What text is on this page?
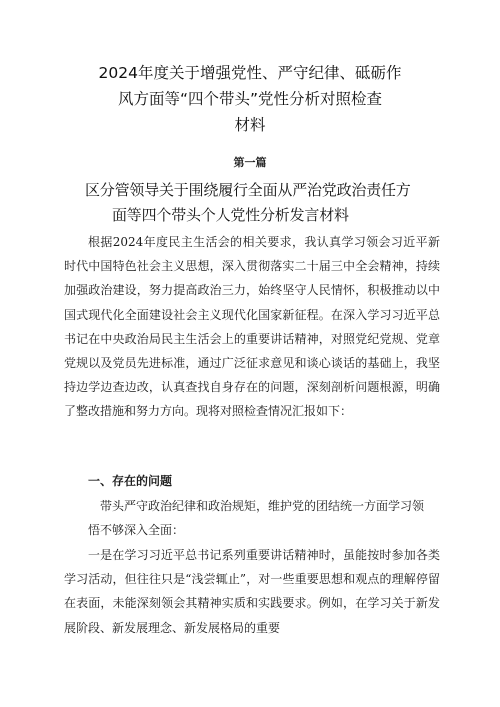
2024年度关于增强党性、严守纪律、砥砺作
风方面等“四个带头”党性分析对照检查
材料
第一篇
区分管领导关于围绕履行全面从严治党政治责任方
面等四个带头个人党性分析发言材料
根据2024年度民主生活会的相关要求，我认真学习领会习近平新时代中国特色社会主义思想，深入贯彻落实二十届三中全会精神，持续加强政治建设，努力提高政治三力，始终坚守人民情怀，积极推动以中国式现代化全面建设社会主义现代化国家新征程。在深入学习习近平总书记在中央政治局民主生活会上的重要讲话精神，对照党纪党规、党章党规以及党员先进标准，通过广泛征求意见和谈心谈话的基础上，我坚持边学边查边改，认真查找自身存在的问题，深刻剖析问题根源，明确了整改措施和努力方向。现将对照检查情况汇报如下：
一、存在的问题
带头严守政治纪律和政治规矩，维护党的团结统一方面学习领悟不够深入全面：
一是在学习习近平总书记系列重要讲话精神时，虽能按时参加各类学习活动，但往往只是“浅尝辄止”，对一些重要思想和观点的理解停留在表面，未能深刻领会其精神实质和实践要求。例如，在学习关于新发展阶段、新发展理念、新发展格局的重要
